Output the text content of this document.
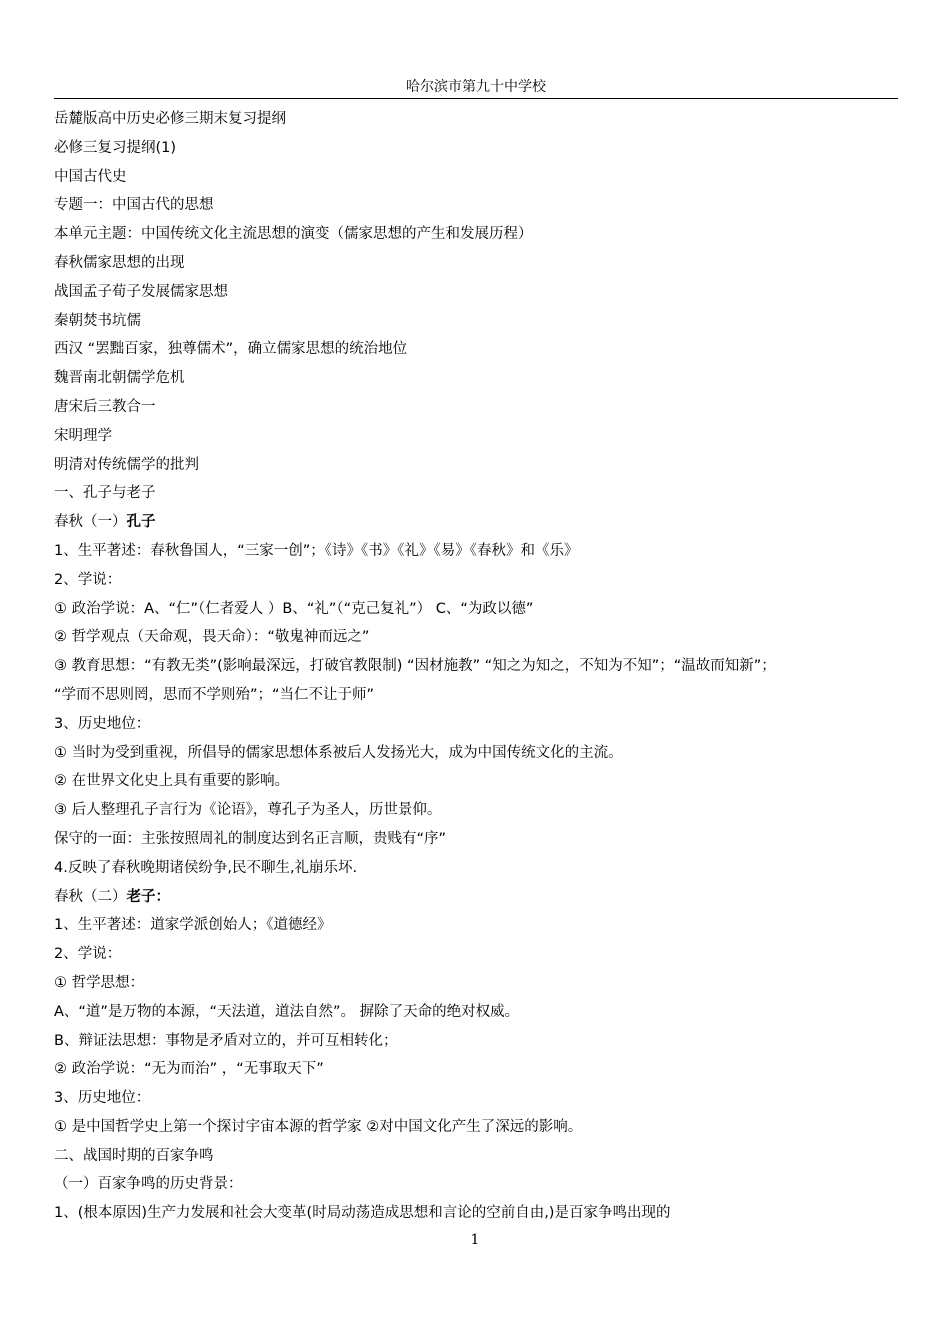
哈尔滨市第九十中学校
岳麓版高中历史必修三期末复习提纲
必修三复习提纲(1)
中国古代史
专题一：中国古代的思想
本单元主题：中国传统文化主流思想的演变（儒家思想的产生和发展历程）
春秋儒家思想的出现
战国孟子荀子发展儒家思想
秦朝焚书坑儒
西汉 “罢黜百家，独尊儒术”，确立儒家思想的统治地位
魏晋南北朝儒学危机
唐宋后三教合一
宋明理学
明清对传统儒学的批判
一、孔子与老子
春秋（一）孔子
1、生平著述：春秋鲁国人，“三家一创”；《诗》《书》《礼》《易》《春秋》和《乐》
2、学说：
① 政治学说：A、“仁”（仁者爱人 ）B、“礼”（“克己复礼”） C、“为政以德”
② 哲学观点（天命观，畏天命）：“敬鬼神而远之”
③ 教育思想：“有教无类”(影响最深远，打破官教限制) “因材施教” “知之为知之，不知为不知”；“温故而知新”；
“学而不思则罔，思而不学则殆”；“当仁不让于师”
3、历史地位：
① 当时为受到重视，所倡导的儒家思想体系被后人发扬光大，成为中国传统文化的主流。
② 在世界文化史上具有重要的影响。
③ 后人整理孔子言行为《论语》，尊孔子为圣人，历世景仰。
保守的一面：主张按照周礼的制度达到名正言顺，贵贱有“序”
4.反映了春秋晚期诸侯纷争,民不聊生,礼崩乐坏.
春秋（二）老子：
1、生平著述：道家学派创始人；《道德经》
2、学说：
① 哲学思想：
A、“道”是万物的本源，“天法道，道法自然”。 摒除了天命的绝对权威。
B、辩证法思想：事物是矛盾对立的，并可互相转化；
② 政治学说：“无为而治” ，“无事取天下”
3、历史地位：
① 是中国哲学史上第一个探讨宇宙本源的哲学家 ②对中国文化产生了深远的影响。
二、战国时期的百家争鸣
（一）百家争鸣的历史背景：
1、(根本原因)生产力发展和社会大变革(时局动荡造成思想和言论的空前自由,)是百家争鸣出现的
1
